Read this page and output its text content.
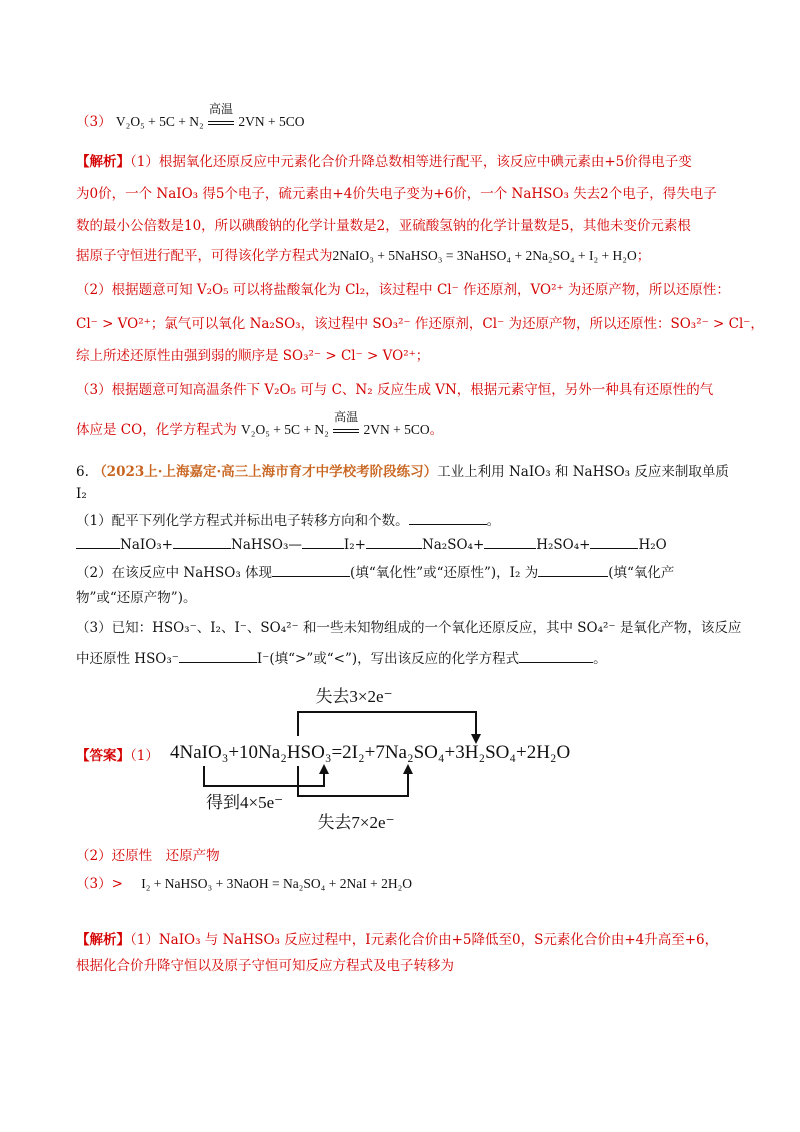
（3） V₂O₅ + 5C + N₂
高温
2VN + 5CO
【解析】（1）根据氧化还原反应中元素化合价升降总数相等进行配平，该反应中碘元素由+5价得电子变
为0价，一个 NaIO₃ 得5个电子，硫元素由+4价失电子变为+6价，一个 NaHSO₃ 失去2个电子，得失电子
数的最小公倍数是10，所以碘酸钠的化学计量数是2，亚硫酸氢钠的化学计量数是5，其他未变价元素根
据原子守恒进行配平，可得该化学方程式为2NaIO₃ + 5NaHSO₃ = 3NaHSO₄ + 2Na₂SO₄ + I₂ + H₂O；
（2）根据题意可知 V₂O₅ 可以将盐酸氧化为 Cl₂，该过程中 Cl⁻ 作还原剂，VO²⁺ 为还原产物，所以还原性：
Cl⁻ > VO²⁺；氯气可以氧化 Na₂SO₃，该过程中 SO₃²⁻ 作还原剂，Cl⁻ 为还原产物，所以还原性：SO₃²⁻ > Cl⁻，
综上所述还原性由强到弱的顺序是 SO₃²⁻ > Cl⁻ > VO²⁺；
（3）根据题意可知高温条件下 V₂O₅ 可与 C、N₂ 反应生成 VN，根据元素守恒，另外一种具有还原性的气
体应是 CO，化学方程式为 V₂O₅ + 5C + N₂
高温
2VN + 5CO。
6. （2023上·上海嘉定·高三上海市育才中学校考阶段练习）工业上利用 NaIO₃ 和 NaHSO₃ 反应来制取单质
I₂
（1）配平下列化学方程式并标出电子转移方向和个数。	。
NaIO₃+	NaHSO₃—	I₂+	Na₂SO₄+	H₂SO₄+	H₂O
（2）在该反应中 NaHSO₃ 体现	(填“氧化性”或“还原性”)，I₂ 为	(填“氧化产
物”或“还原产物”)。
（3）已知：HSO₃⁻、I₂、I⁻、SO₄²⁻ 和一些未知物组成的一个氧化还原反应，其中 SO₄²⁻ 是氧化产物，该反应
中还原性 HSO₃⁻	I⁻(填“>”或“<”)，写出该反应的化学方程式	。
【答案】（1）
失去3×2e⁻
4NaIO₃+10Na₂HSO₃=2I₂+7Na₂SO₄+3H₂SO₄+2H₂O
得到4×5e⁻
失去7×2e⁻
（2）还原性　还原产物
（3）> I₂ + NaHSO₃ + 3NaOH = Na₂SO₄ + 2NaI + 2H₂O
【解析】（1）NaIO₃ 与 NaHSO₃ 反应过程中，I元素化合价由+5降低至0，S元素化合价由+4升高至+6，
根据化合价升降守恒以及原子守恒可知反应方程式及电子转移为
